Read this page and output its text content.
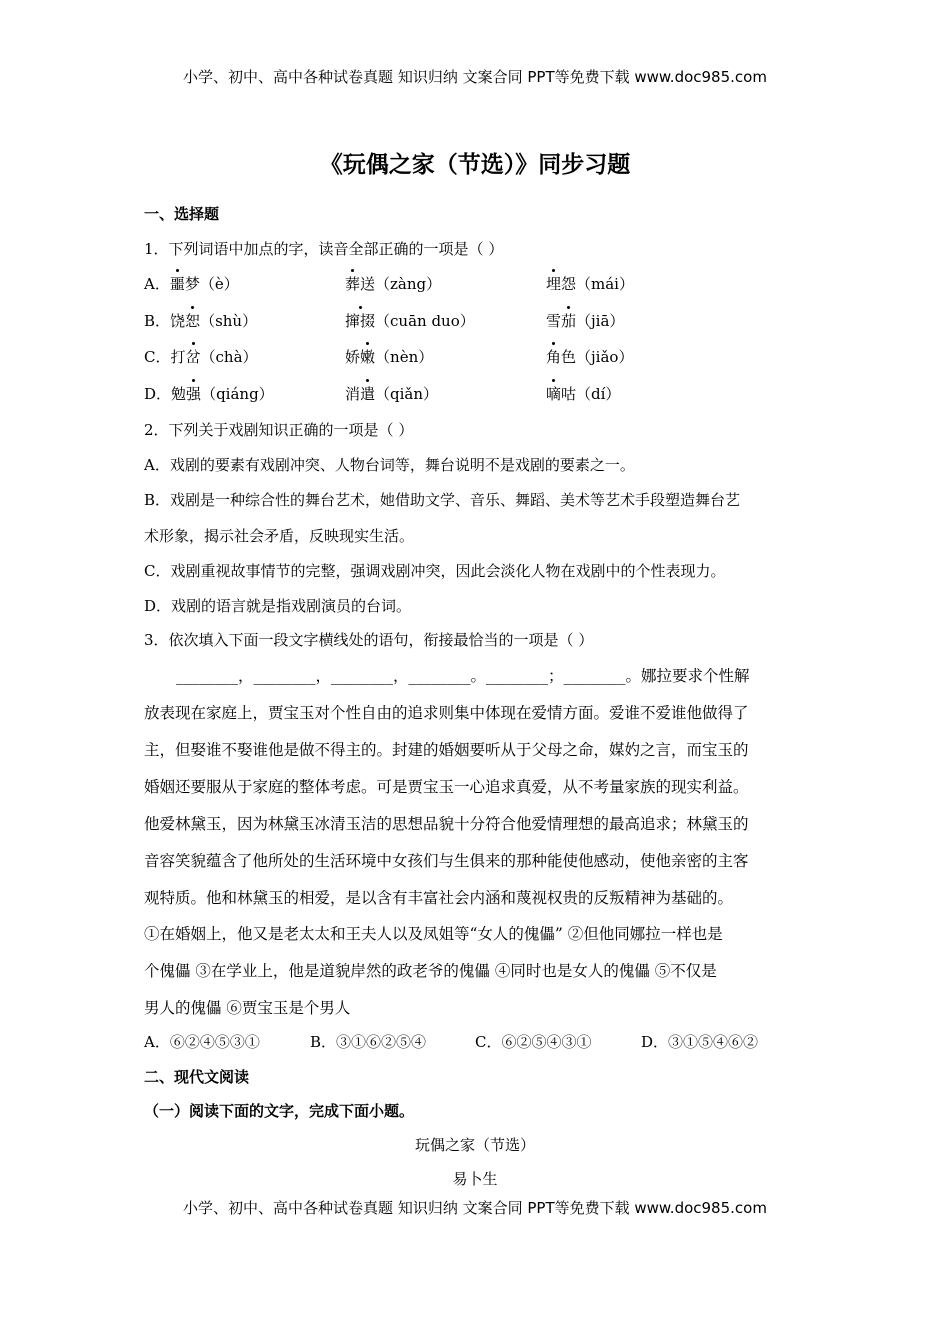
小学、初中、高中各种试卷真题 知识归纳 文案合同 PPT等免费下载 www.doc985.com
《玩偶之家（节选）》同步习题
一、选择题
1．下列词语中加点的字，读音全部正确的一项是（ ）
A．噩梦（è）	葬送（zàng）	埋怨（mái）
B．饶恕（shù）	撺掇（cuān duo）	雪茄（jiā）
C．打岔（chà）	娇嫩（nèn）	角色（jiǎo）
D．勉强（qiáng）	消遣（qiǎn）	嘀咕（dí）
2．下列关于戏剧知识正确的一项是（ ）
A．戏剧的要素有戏剧冲突、人物台词等，舞台说明不是戏剧的要素之一。
B．戏剧是一种综合性的舞台艺术，她借助文学、音乐、舞蹈、美术等艺术手段塑造舞台艺
术形象，揭示社会矛盾，反映现实生活。
C．戏剧重视故事情节的完整，强调戏剧冲突，因此会淡化人物在戏剧中的个性表现力。
D．戏剧的语言就是指戏剧演员的台词。
3．依次填入下面一段文字横线处的语句，衔接最恰当的一项是（ ）
________，________，________，________。________；________。娜拉要求个性解
放表现在家庭上，贾宝玉对个性自由的追求则集中体现在爱情方面。爱谁不爱谁他做得了
主，但娶谁不娶谁他是做不得主的。封建的婚姻要听从于父母之命，媒妁之言，而宝玉的
婚姻还要服从于家庭的整体考虑。可是贾宝玉一心追求真爱，从不考量家族的现实利益。
他爱林黛玉，因为林黛玉冰清玉洁的思想品貌十分符合他爱情理想的最高追求；林黛玉的
音容笑貌蕴含了他所处的生活环境中女孩们与生俱来的那种能使他感动，使他亲密的主客
观特质。他和林黛玉的相爱，是以含有丰富社会内涵和蔑视权贵的反叛精神为基础的。
①在婚姻上，他又是老太太和王夫人以及凤姐等“女人的傀儡” ②但他同娜拉一样也是
个傀儡 ③在学业上，他是道貌岸然的政老爷的傀儡 ④同时也是女人的傀儡 ⑤不仅是
男人的傀儡 ⑥贾宝玉是个男人
A．⑥②④⑤③①	B．③①⑥②⑤④	C．⑥②⑤④③①	D．③①⑤④⑥②
二、现代文阅读
（一）阅读下面的文字，完成下面小题。
玩偶之家（节选）
易卜生
小学、初中、高中各种试卷真题 知识归纳 文案合同 PPT等免费下载 www.doc985.com
